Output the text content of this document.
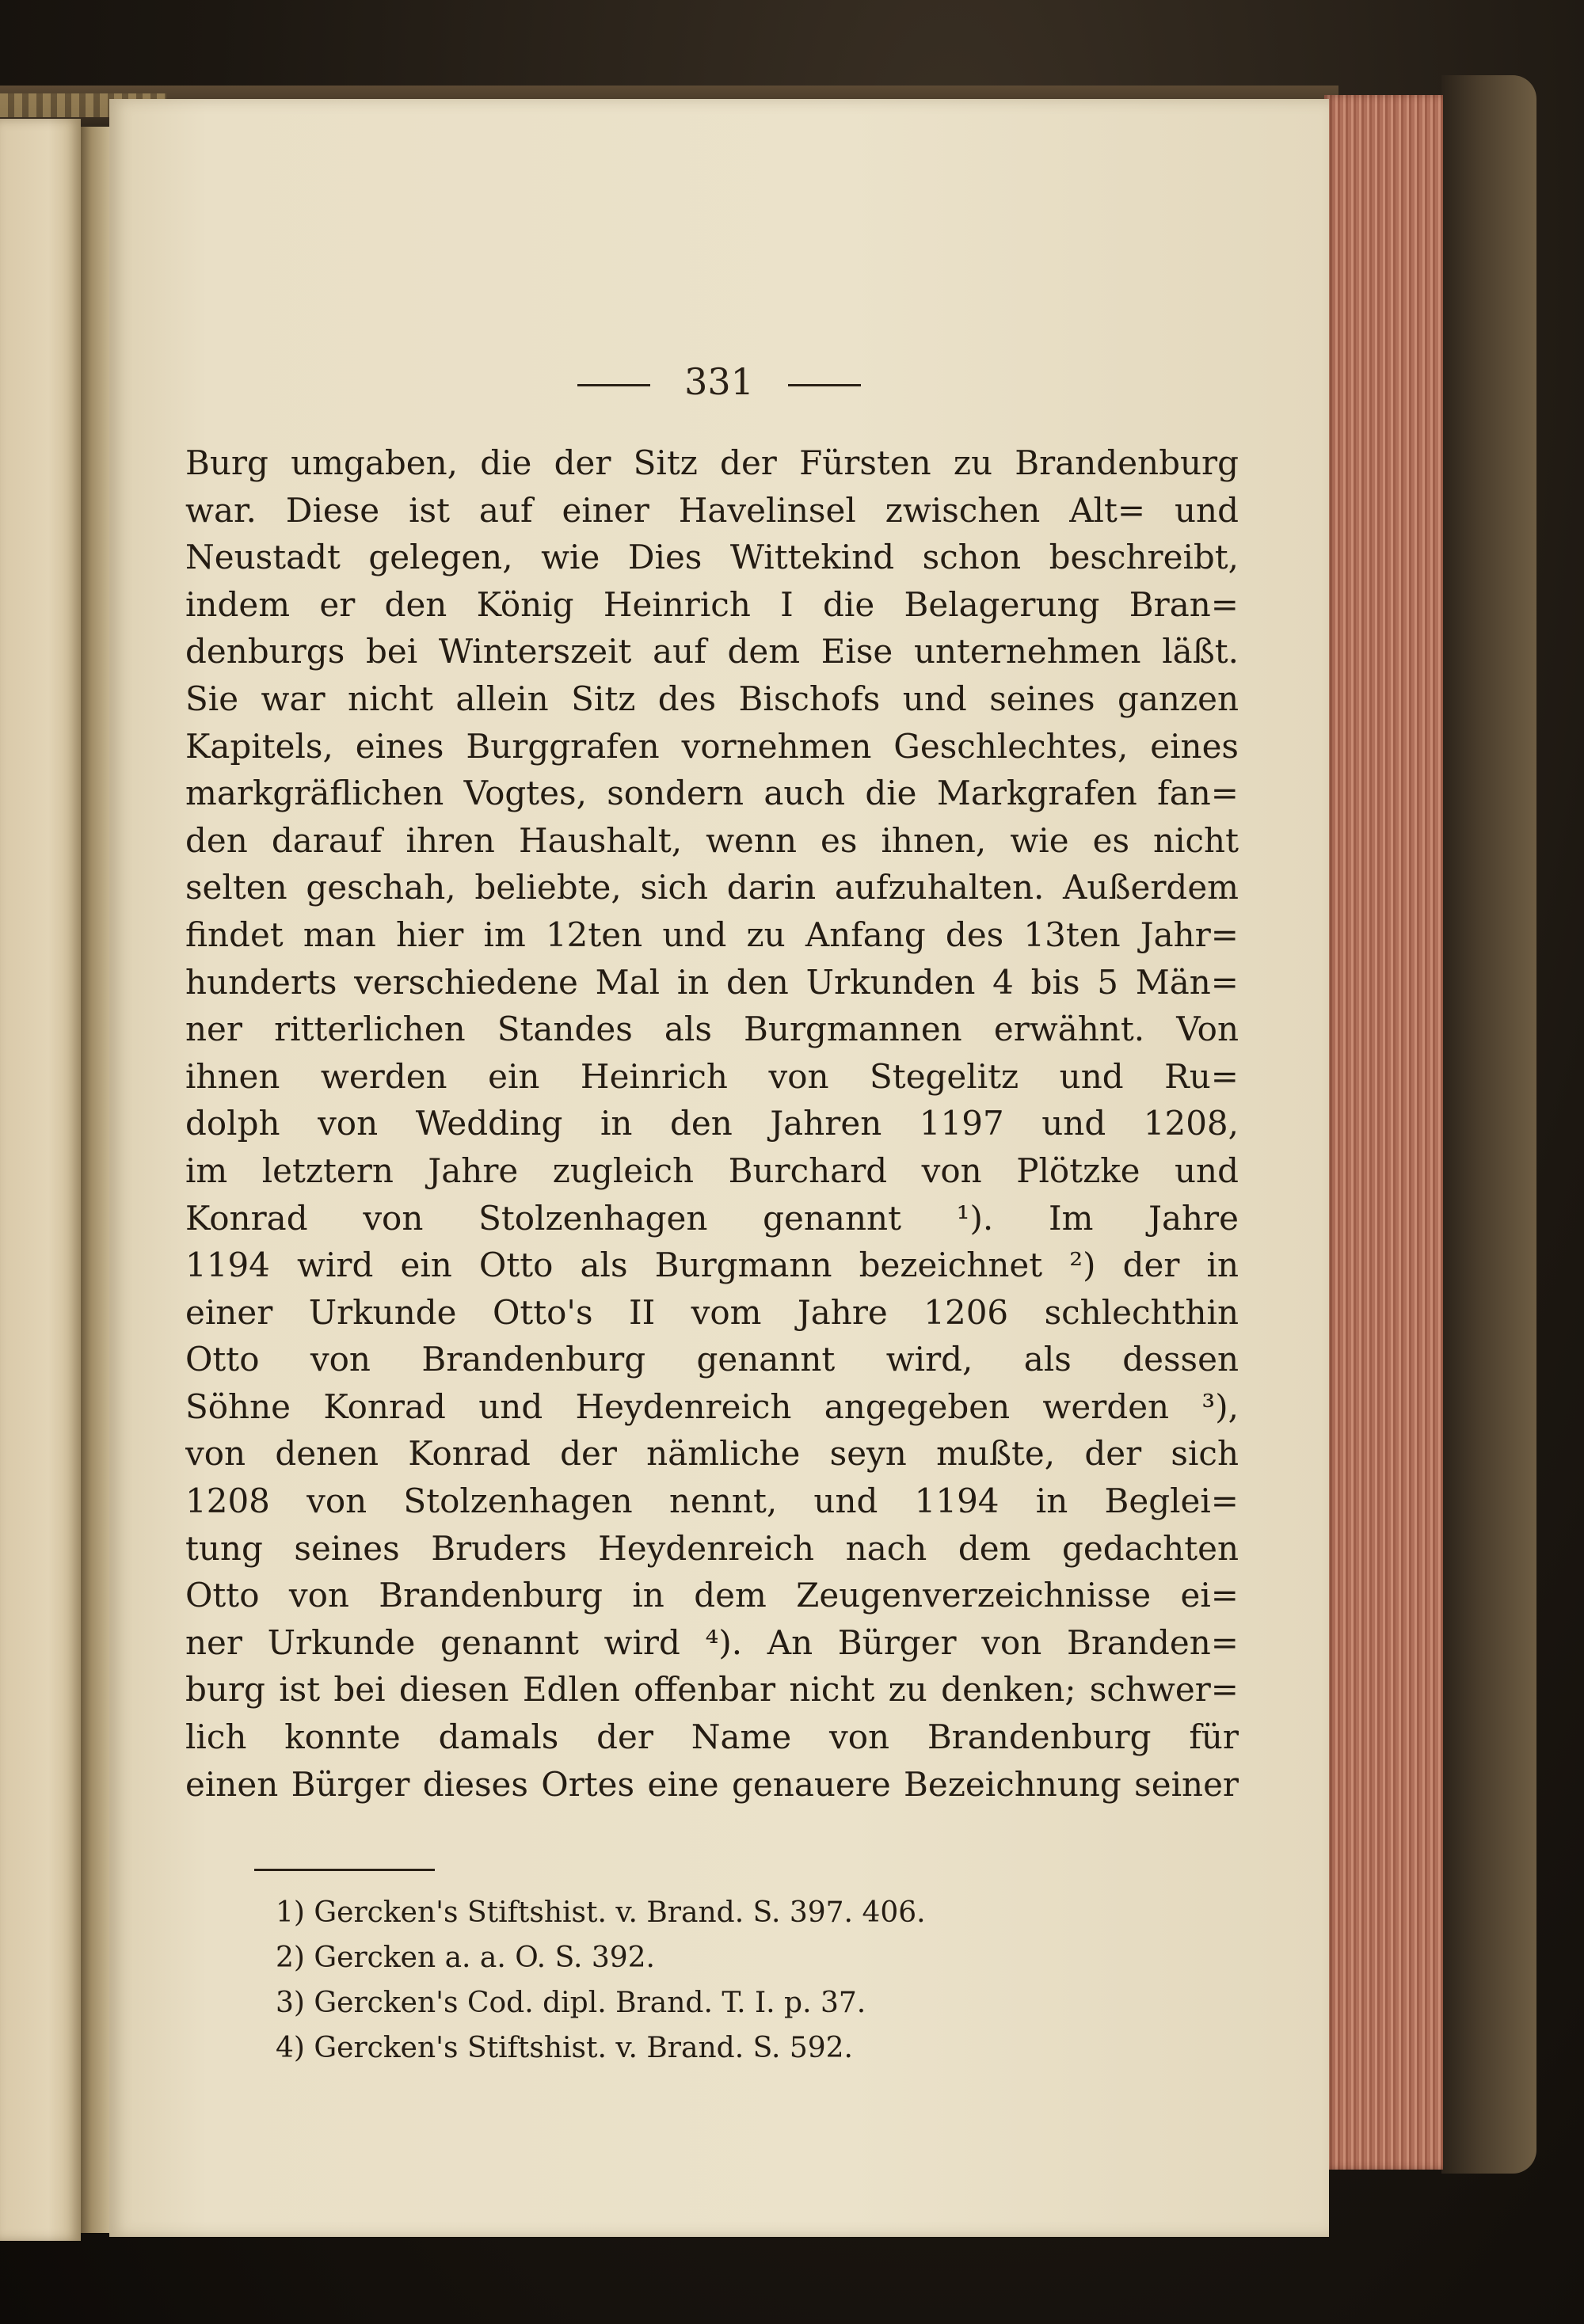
331
Burg umgaben, die der Sitz der Fürsten zu Brandenburg
war. Diese ist auf einer Havelinsel zwischen Alt= und
Neustadt gelegen, wie Dies Wittekind schon beschreibt,
indem er den König Heinrich I die Belagerung Bran=
denburgs bei Winterszeit auf dem Eise unternehmen läßt.
Sie war nicht allein Sitz des Bischofs und seines ganzen
Kapitels, eines Burggrafen vornehmen Geschlechtes, eines
markgräflichen Vogtes, sondern auch die Markgrafen fan=
den darauf ihren Haushalt, wenn es ihnen, wie es nicht
selten geschah, beliebte, sich darin aufzuhalten. Außerdem
findet man hier im 12ten und zu Anfang des 13ten Jahr=
hunderts verschiedene Mal in den Urkunden 4 bis 5 Män=
ner ritterlichen Standes als Burgmannen erwähnt. Von
ihnen werden ein Heinrich von Stegelitz und Ru=
dolph von Wedding in den Jahren 1197 und 1208,
im letztern Jahre zugleich Burchard von Plötzke und
Konrad von Stolzenhagen genannt ¹). Im Jahre
1194 wird ein Otto als Burgmann bezeichnet ²) der in
einer Urkunde Otto's II vom Jahre 1206 schlechthin
Otto von Brandenburg genannt wird, als dessen
Söhne Konrad und Heydenreich angegeben werden ³),
von denen Konrad der nämliche seyn mußte, der sich
1208 von Stolzenhagen nennt, und 1194 in Beglei=
tung seines Bruders Heydenreich nach dem gedachten
Otto von Brandenburg in dem Zeugenverzeichnisse ei=
ner Urkunde genannt wird ⁴). An Bürger von Branden=
burg ist bei diesen Edlen offenbar nicht zu denken; schwer=
lich konnte damals der Name von Brandenburg für
einen Bürger dieses Ortes eine genauere Bezeichnung seiner
1) Gercken's Stiftshist. v. Brand. S. 397. 406.
2) Gercken a. a. O. S. 392.
3) Gercken's Cod. dipl. Brand. T. I. p. 37.
4) Gercken's Stiftshist. v. Brand. S. 592.
